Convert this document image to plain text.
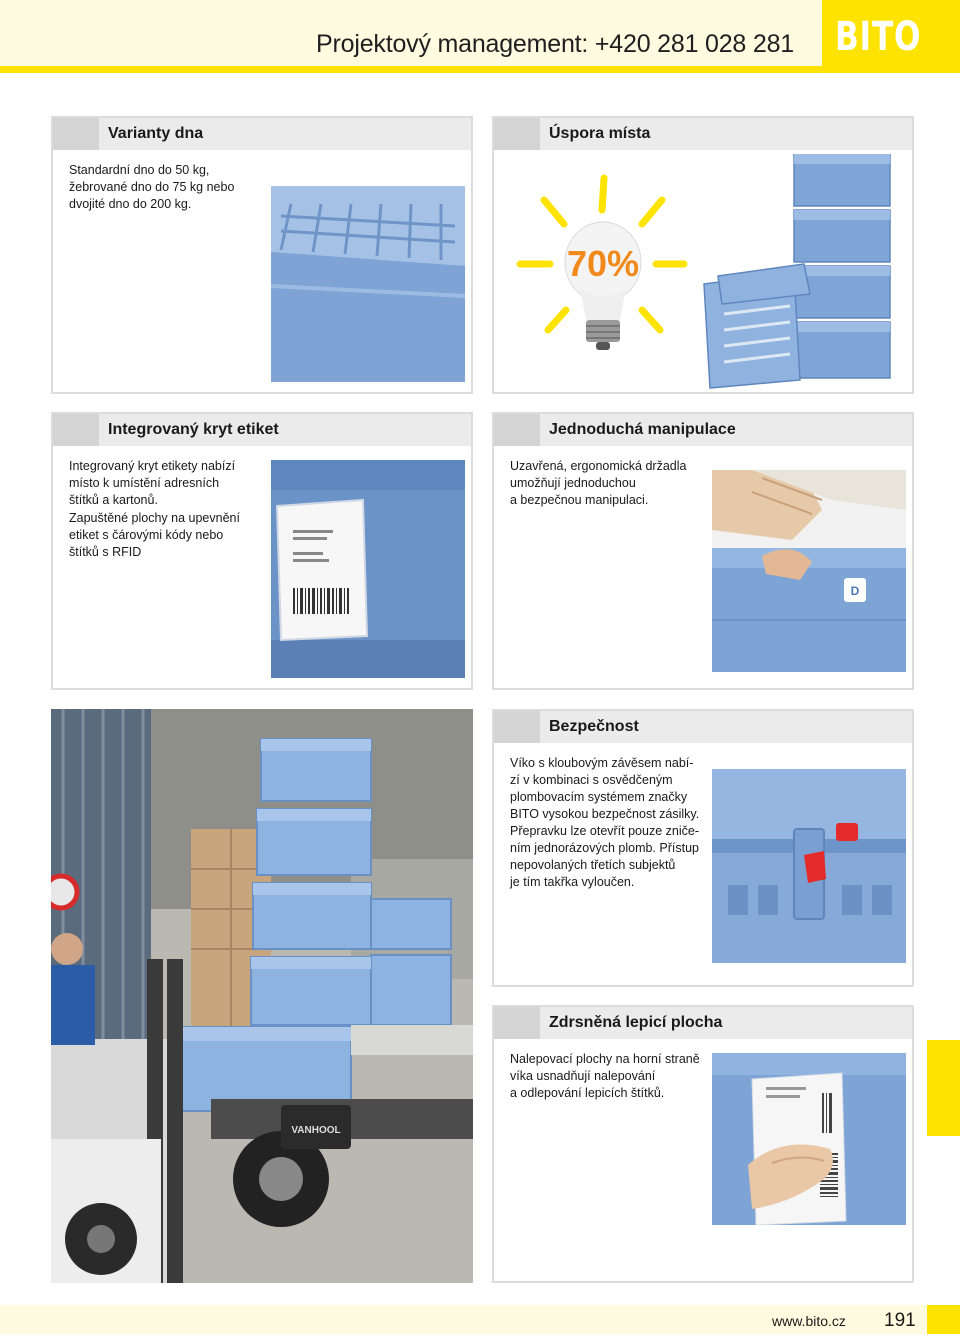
Projektový management: +420 281 028 281 BITO
Varianty dna

Standardní dno do 50 kg,

žebrované dno do 75 kg nebo

dvojité dno do 200 kg.

Úspora místa
70%
Integrovaný kryt etiket

Integrovaný kryt etikety nabízí

místo k umístění adresních

štítků a kartonů.

Zapuštěné plochy na upevnění

etiket s čárovými kódy nebo

štítků s RFID

Jednoduchá manipulace

Uzavřená, ergonomická držadla

umožňují jednoduchou

a bezpečnou manipulaci.

D
VANHOOL
Bezpečnost

Víko s kloubovým závěsem nabí-

zí v kombinaci s osvědčeným

plombovacím systémem značky

BITO vysokou bezpečnost zásilky.

Přepravku lze otevřít pouze zniče-

ním jednorázových plomb. Přístup

nepovolaných třetích subjektů

je tím takřka vyloučen.

Zdrsněná lepicí plocha

Nalepovací plochy na horní straně

víka usnadňují nalepování

a odlepování lepicích štítků.

www.bito.cz 191
